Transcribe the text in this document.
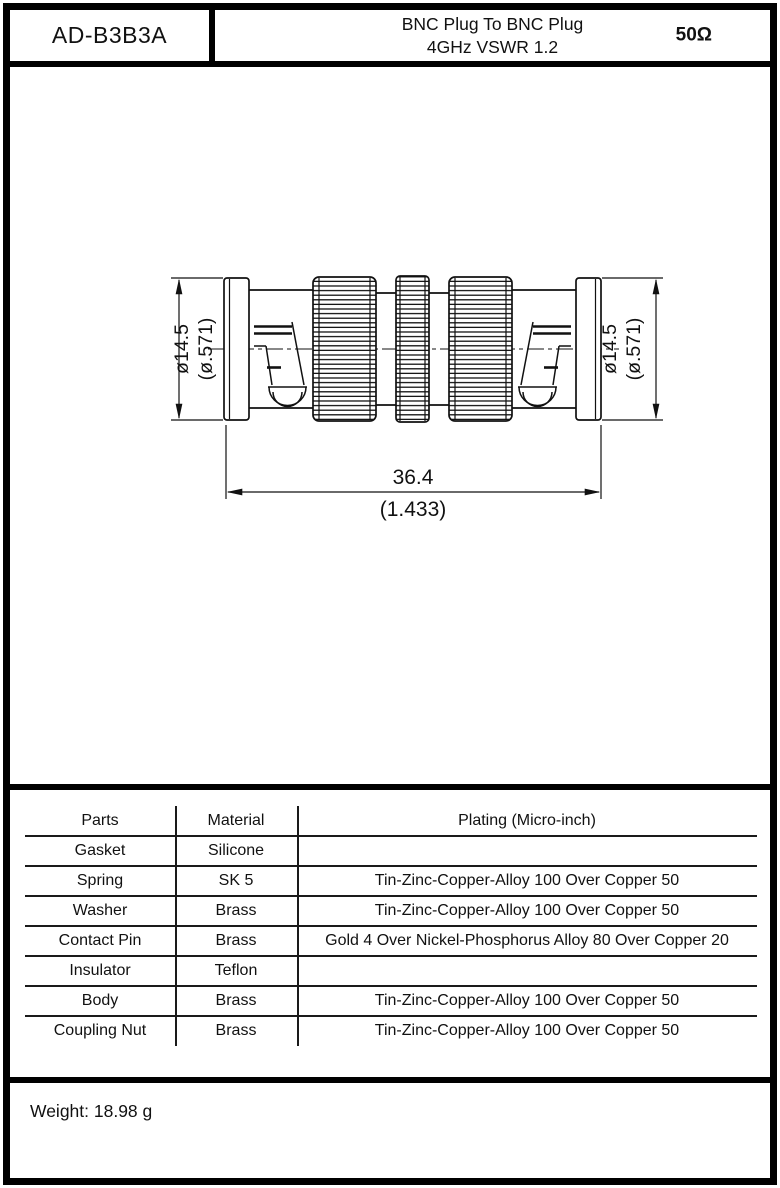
AD-B3B3A	BNC Plug To BNC Plug
4GHz VSWR 1.2
50Ω
ø14.5 (ø.571)	ø14.5 (ø.571)
36.4
(1.433)
Parts	Material	Plating (Micro-inch)
Gasket	Silicone
Spring	SK 5	Tin-Zinc-Copper-Alloy 100 Over Copper 50
Washer	Brass	Tin-Zinc-Copper-Alloy 100 Over Copper 50
Contact Pin	Brass	Gold 4 Over Nickel-Phosphorus Alloy 80 Over Copper 20
Insulator	Teflon
Body	Brass	Tin-Zinc-Copper-Alloy 100 Over Copper 50
Coupling Nut	Brass	Tin-Zinc-Copper-Alloy 100 Over Copper 50
Weight: 18.98 g
